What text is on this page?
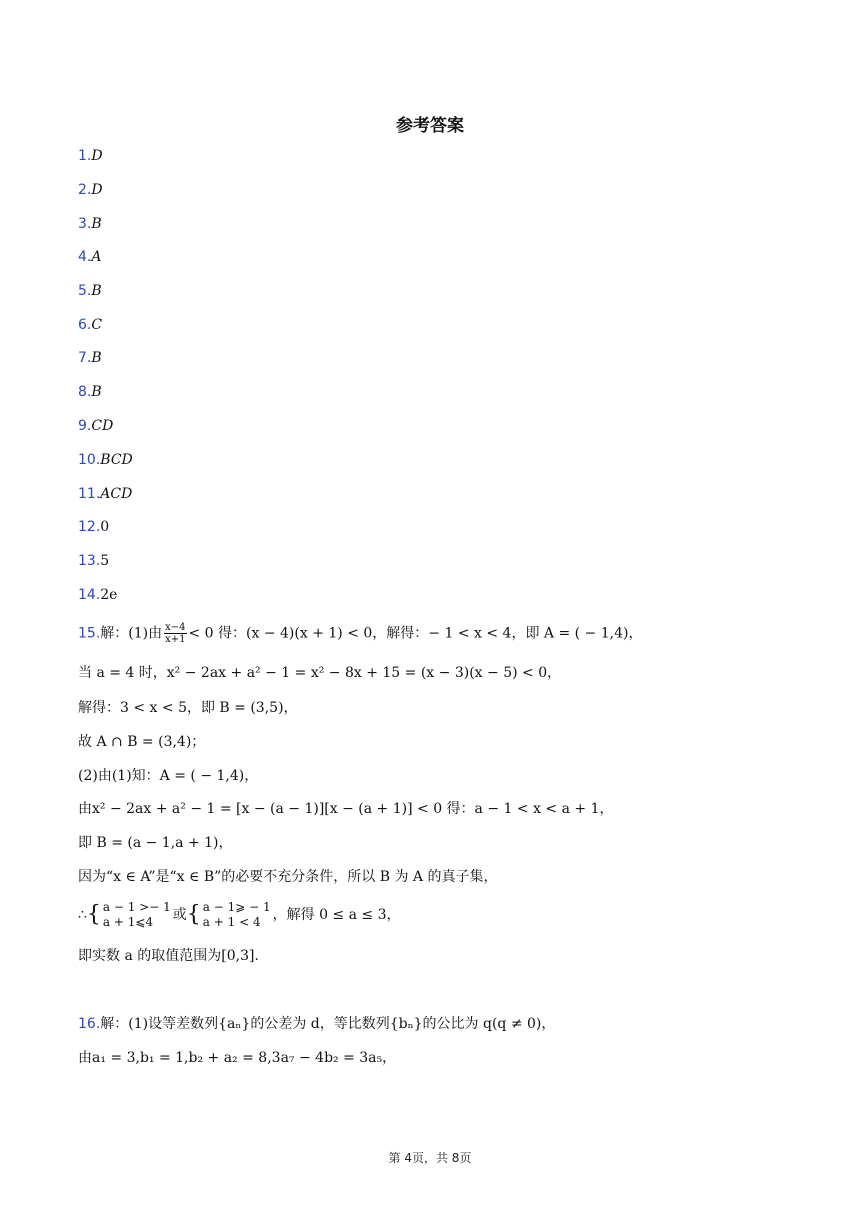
参考答案
1.D
2.D
3.B
4.A
5.B
6.C
7.B
8.B
9.CD
10.BCD
11.ACD
12.0
13.5
14.2e
15.解：(1)由 $\frac{x-4}{x+1} < 0$ 得：(x − 4)(x + 1) < 0，解得：− 1 < x < 4，即 A = ( − 1,4)，
当 a = 4 时，x² − 2ax + a² − 1 = x² − 8x + 15 = (x − 3)(x − 5) < 0，
解得：3 < x < 5，即 B = (3,5)，
故 A ∩ B = (3,4)；
(2)由(1)知：A = ( − 1,4)，
由x² − 2ax + a² − 1 = [x − (a − 1)][x − (a + 1)] < 0 得：a − 1 < x < a + 1，
即 B = (a − 1,a + 1)，
因为“x ∈ A”是“x ∈ B”的必要不充分条件，所以 B 为 A 的真子集，
∴{ a − 1 >− 1
a + 1⩽4	或{ a − 1⩾ − 1
a + 1 < 4 ，解得 0 ≤ a ≤ 3，
即实数 a 的取值范围为[0,3].
16.解：(1)设等差数列{aₙ}的公差为 d，等比数列{bₙ}的公比为 q(q ≠ 0)，
由a₁ = 3,b₁ = 1,b₂ + a₂ = 8,3a₇ − 4b₂ = 3a₅，
第 4页，共 8页
